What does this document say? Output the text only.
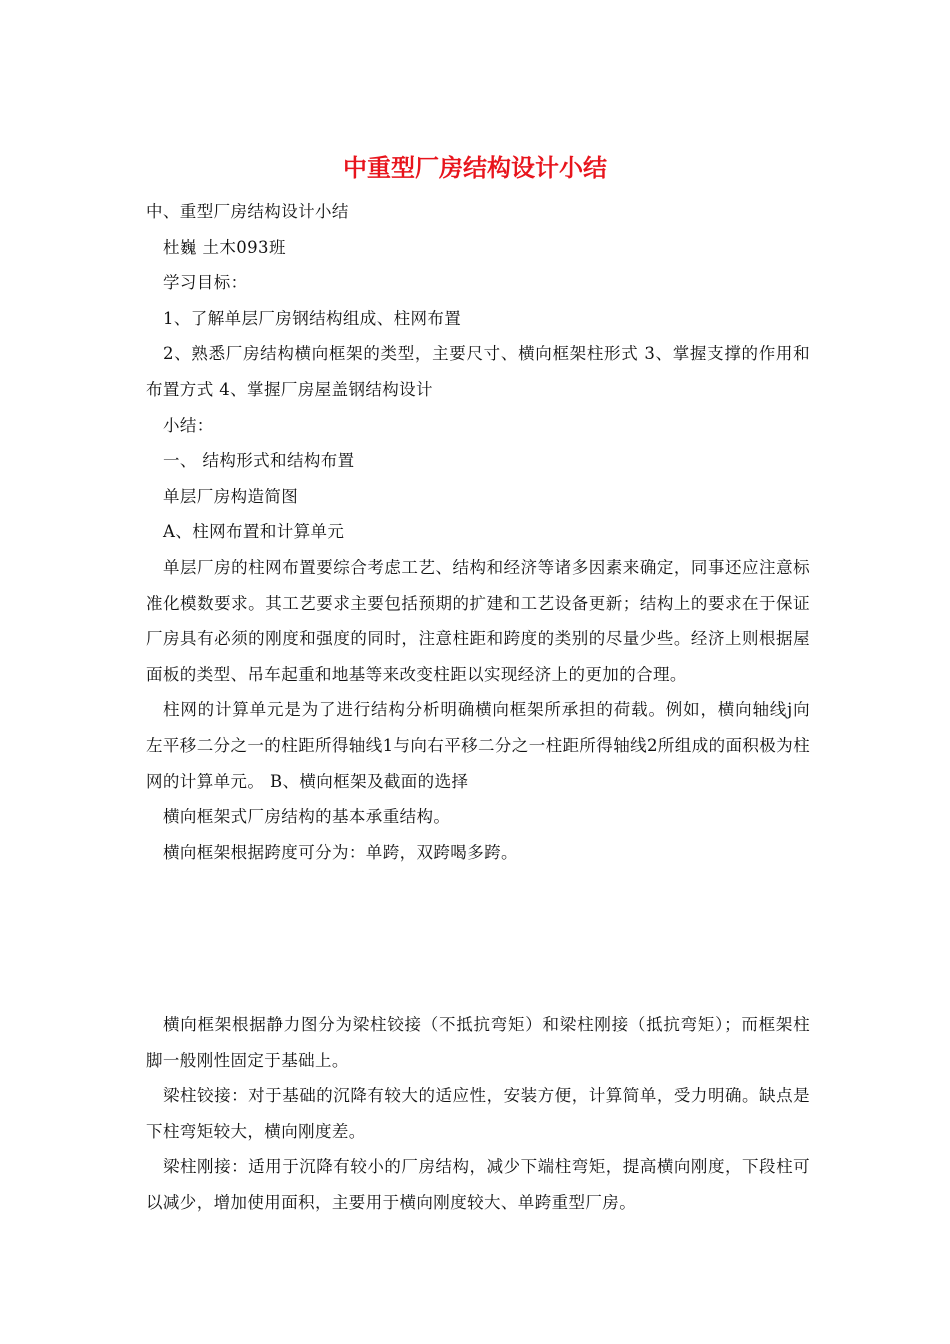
中重型厂房结构设计小结

中、重型厂房结构设计小结

杜巍 土木093班

学习目标：

1、了解单层厂房钢结构组成、柱网布置

2、熟悉厂房结构横向框架的类型，主要尺寸、横向框架柱形式 3、掌握支撑的作用和布置方式 4、掌握厂房屋盖钢结构设计

小结：

一、 结构形式和结构布置

单层厂房构造简图

A、柱网布置和计算单元

单层厂房的柱网布置要综合考虑工艺、结构和经济等诸多因素来确定，同事还应注意标准化模数要求。其工艺要求主要包括预期的扩建和工艺设备更新；结构上的要求在于保证厂房具有必须的刚度和强度的同时，注意柱距和跨度的类别的尽量少些。经济上则根据屋面板的类型、吊车起重和地基等来改变柱距以实现经济上的更加的合理。

柱网的计算单元是为了进行结构分析明确横向框架所承担的荷载。例如，横向轴线j向左平移二分之一的柱距所得轴线1与向右平移二分之一柱距所得轴线2所组成的面积极为柱网的计算单元。 B、横向框架及截面的选择

横向框架式厂房结构的基本承重结构。

横向框架根据跨度可分为：单跨，双跨喝多跨。

横向框架根据静力图分为梁柱铰接（不抵抗弯矩）和梁柱刚接（抵抗弯矩）；而框架柱脚一般刚性固定于基础上。

梁柱铰接：对于基础的沉降有较大的适应性，安装方便，计算简单，受力明确。缺点是下柱弯矩较大，横向刚度差。

梁柱刚接：适用于沉降有较小的厂房结构，减少下端柱弯矩，提高横向刚度，下段柱可以减少，增加使用面积，主要用于横向刚度较大、单跨重型厂房。
